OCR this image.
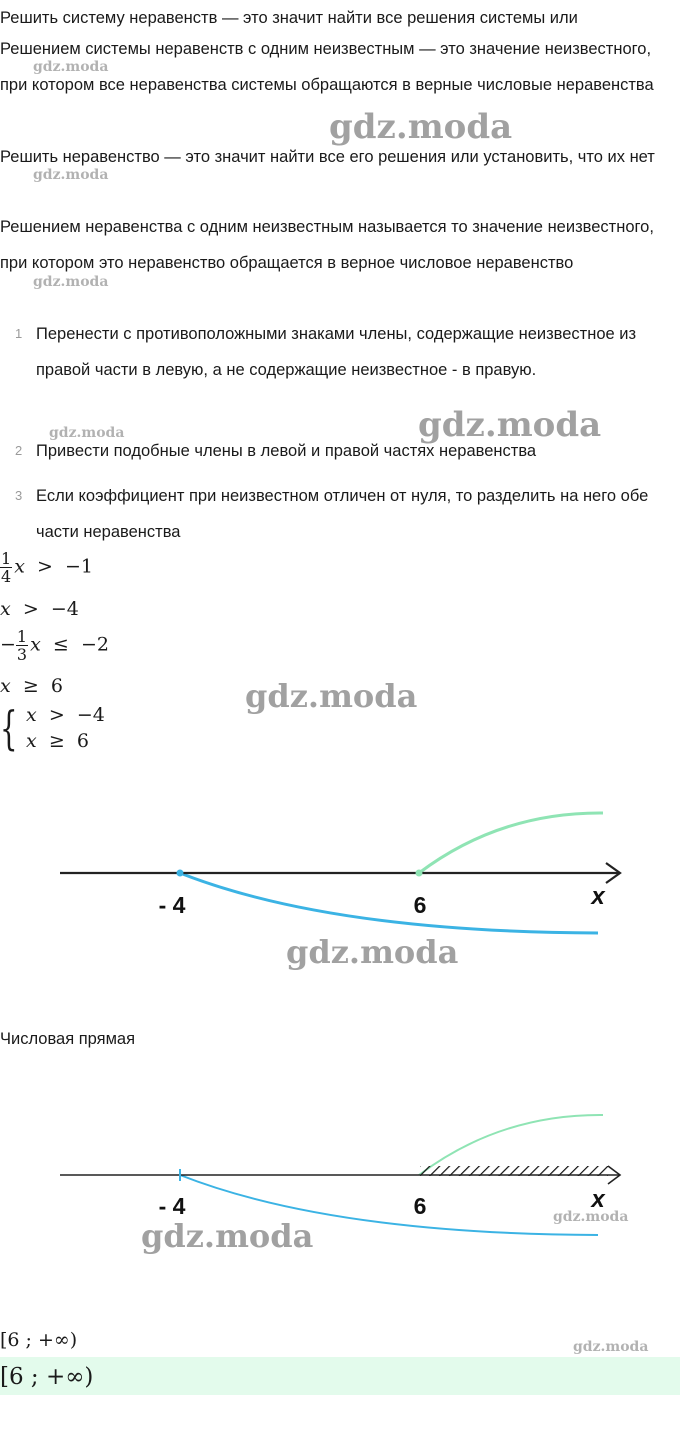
Решить систему неравенств — это значит найти все решения системы или

Решением системы неравенств с одним неизвестным — это значение неизвестного, при котором все неравенства системы обращаются в верные числовые неравенства

Решить неравенство — это значит найти все его решения или установить, что их нет

Решением неравенства с одним неизвестным называется то значение неизвестного, при котором это неравенство обращается в верное числовое неравенство

1 Перенести с противоположными знаками члены, содержащие неизвестное из правой части в левую, а не содержащие неизвестное - в правую.
2 Привести подобные члены в левой и правой частях неравенства
3 Если коэффициент при неизвестном отличен от нуля, то разделить на него обе части неравенства
$\frac{1}{4}$ x > −1
x > −4
− $\frac{1}{3}$ x ≤ −2
x ≥ 6
{ x > −4
x ≥ 6
- 4	6	x

Числовая прямая

- 4	6	x
[6 ; +∞)
[6 ; +∞)
gdz.moda
gdz.moda
gdz.moda
gdz.moda
gdz.moda
gdz.moda
gdz.moda
gdz.moda
gdz.moda
gdz.moda
gdz.moda
